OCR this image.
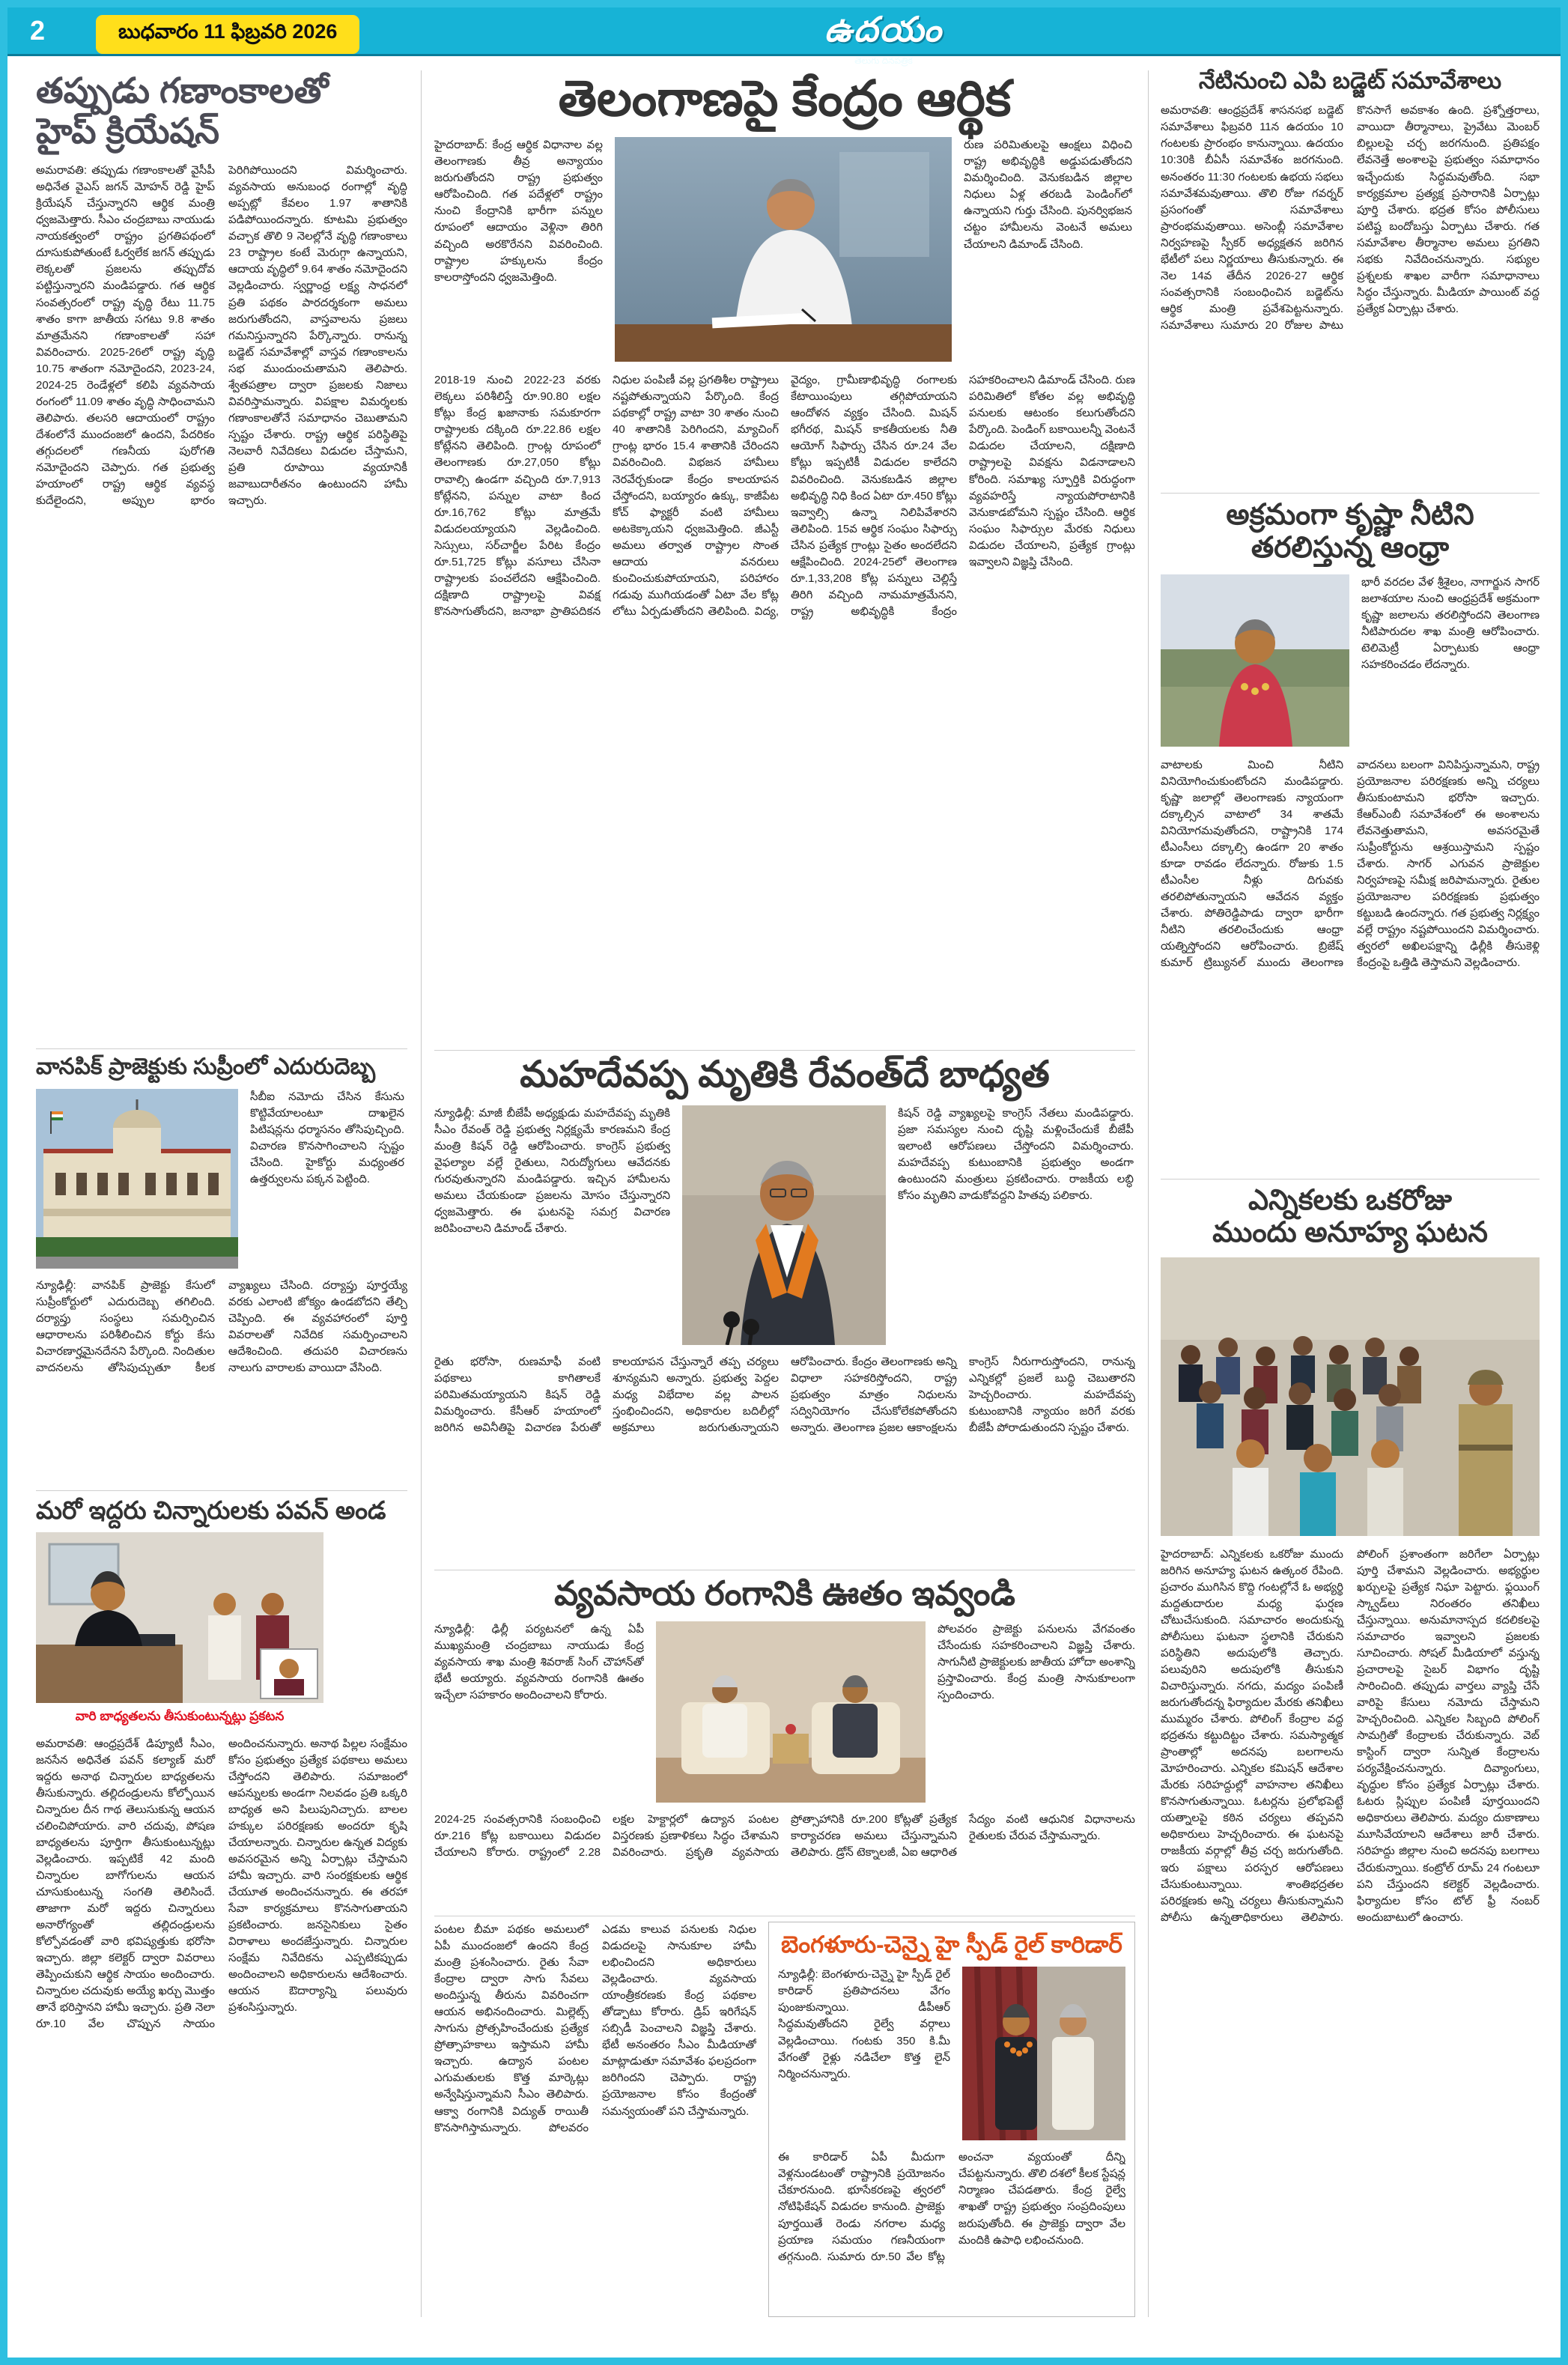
2	బుధవారం 11 ఫిబ్రవరి 2026	ఉదయం
తెలుగు దినపత్రిక
తప్పుడు గణాంకాలతో
హైప్ క్రియేషన్
అమరావతి: తప్పుడు గణాంకాలతో వైసీపీ అధినేత వైఎస్ జగన్ మోహన్ రెడ్డి హైప్ క్రియేషన్ చేస్తున్నారని ఆర్థిక మంత్రి ధ్వజమెత్తారు. సీఎం చంద్రబాబు నాయుడు నాయకత్వంలో రాష్ట్రం ప్రగతిపథంలో దూసుకుపోతుంటే ఓర్వలేక జగన్ తప్పుడు లెక్కలతో ప్రజలను తప్పుదోవ పట్టిస్తున్నారని మండిపడ్డారు. గత ఆర్థిక సంవత్సరంలో రాష్ట్ర వృద్ధి రేటు 11.75 శాతం కాగా జాతీయ సగటు 9.8 శాతం మాత్రమేనని గణాంకాలతో సహా వివరించారు. 2025-26లో రాష్ట్ర వృద్ధి 10.75 శాతంగా నమోదైందని, 2023-24, 2024-25 రెండేళ్లలో కలిపి వ్యవసాయ రంగంలో 11.09 శాతం వృద్ధి సాధించామని తెలిపారు. తలసరి ఆదాయంలో రాష్ట్రం దేశంలోనే ముందంజలో ఉందని, పేదరికం తగ్గుదలలో గణనీయ పురోగతి నమోదైందని చెప్పారు. గత ప్రభుత్వ హయాంలో రాష్ట్ర ఆర్థిక వ్యవస్థ కుదేలైందని, అప్పుల భారం పెరిగిపోయిందని విమర్శించారు. వ్యవసాయ అనుబంధ రంగాల్లో వృద్ధి అప్పట్లో కేవలం 1.97 శాతానికి పడిపోయిందన్నారు. కూటమి ప్రభుత్వం వచ్చాక తొలి 9 నెలల్లోనే వృద్ధి గణాంకాలు 23 రాష్ట్రాల కంటే మెరుగ్గా ఉన్నాయని, ఆదాయ వృద్ధిలో 9.64 శాతం నమోదైందని వెల్లడించారు. స్వర్ణాంధ్ర లక్ష్య సాధనలో ప్రతి పథకం పారదర్శకంగా అమలు జరుగుతోందని, వాస్తవాలను ప్రజలు గమనిస్తున్నారని పేర్కొన్నారు. రానున్న బడ్జెట్ సమావేశాల్లో వాస్తవ గణాంకాలను సభ ముందుంచుతామని తెలిపారు. శ్వేతపత్రాల ద్వారా ప్రజలకు నిజాలు వివరిస్తామన్నారు. విపక్షాల విమర్శలకు గణాంకాలతోనే సమాధానం చెబుతామని స్పష్టం చేశారు. రాష్ట్ర ఆర్థిక పరిస్థితిపై నెలవారీ నివేదికలు విడుదల చేస్తామని, ప్రతి రూపాయి వ్యయానికీ జవాబుదారీతనం ఉంటుందని హామీ ఇచ్చారు.
తెలంగాణపై కేంద్రం ఆర్థిక
హైదరాబాద్: కేంద్ర ఆర్థిక విధానాల వల్ల తెలంగాణకు తీవ్ర అన్యాయం జరుగుతోందని రాష్ట్ర ప్రభుత్వం ఆరోపించింది. గత పదేళ్లలో రాష్ట్రం నుంచి కేంద్రానికి భారీగా పన్నుల రూపంలో ఆదాయం వెళ్లినా తిరిగి వచ్చింది అరకొరేనని వివరించింది. రాష్ట్రాల హక్కులను కేంద్రం కాలరాస్తోందని ధ్వజమెత్తింది.
రుణ పరిమితులపై ఆంక్షలు విధించి రాష్ట్ర అభివృద్ధికి అడ్డుపడుతోందని విమర్శించింది. వెనుకబడిన జిల్లాల నిధులు ఏళ్ల తరబడి పెండింగ్‌లో ఉన్నాయని గుర్తు చేసింది. పునర్విభజన చట్టం హామీలను వెంటనే అమలు చేయాలని డిమాండ్ చేసింది.
2018-19 నుంచి 2022-23 వరకు లెక్కలు పరిశీలిస్తే రూ.90.80 లక్షల కోట్లు కేంద్ర ఖజానాకు సమకూరగా రాష్ట్రాలకు దక్కింది రూ.22.86 లక్షల కోట్లేనని తెలిపింది. గ్రాంట్ల రూపంలో తెలంగాణకు రూ.27,050 కోట్లు రావాల్సి ఉండగా వచ్చింది రూ.7,913 కోట్లేనని, పన్నుల వాటా కింద రూ.16,762 కోట్లు మాత్రమే విడుదలయ్యాయని వెల్లడించింది. సెస్సులు, సర్‌చార్జీల పేరిట కేంద్రం రూ.51,725 కోట్లు వసూలు చేసినా రాష్ట్రాలకు పంచలేదని ఆక్షేపించింది. దక్షిణాది రాష్ట్రాలపై వివక్ష కొనసాగుతోందని, జనాభా ప్రాతిపదికన నిధుల పంపిణీ వల్ల ప్రగతిశీల రాష్ట్రాలు నష్టపోతున్నాయని పేర్కొంది. కేంద్ర పథకాల్లో రాష్ట్ర వాటా 30 శాతం నుంచి 40 శాతానికి పెరిగిందని, మ్యాచింగ్ గ్రాంట్ల భారం 15.4 శాతానికి చేరిందని వివరించింది. విభజన హామీలు నెరవేర్చకుండా కేంద్రం కాలయాపన చేస్తోందని, బయ్యారం ఉక్కు, కాజీపేట కోచ్ ఫ్యాక్టరీ వంటి హామీలు అటకెక్కాయని ధ్వజమెత్తింది. జీఎస్టీ అమలు తర్వాత రాష్ట్రాల సొంత ఆదాయ వనరులు కుంచించుకుపోయాయని, పరిహారం గడువు ముగియడంతో ఏటా వేల కోట్ల లోటు ఏర్పడుతోందని తెలిపింది. విద్య, వైద్యం, గ్రామీణాభివృద్ధి రంగాలకు కేటాయింపులు తగ్గిపోయాయని ఆందోళన వ్యక్తం చేసింది. మిషన్ భగీరథ, మిషన్ కాకతీయలకు నీతి ఆయోగ్ సిఫార్సు చేసిన రూ.24 వేల కోట్లు ఇప్పటికీ విడుదల కాలేదని వివరించింది. వెనుకబడిన జిల్లాల అభివృద్ధి నిధి కింద ఏటా రూ.450 కోట్లు ఇవ్వాల్సి ఉన్నా నిలిపివేశారని తెలిపింది. 15వ ఆర్థిక సంఘం సిఫార్సు చేసిన ప్రత్యేక గ్రాంట్లు సైతం అందలేదని ఆక్షేపించింది. 2024-25లో తెలంగాణ రూ.1,33,208 కోట్ల పన్నులు చెల్లిస్తే తిరిగి వచ్చింది నామమాత్రమేనని, రాష్ట్ర అభివృద్ధికి కేంద్రం సహకరించాలని డిమాండ్ చేసింది. రుణ పరిమితిలో కోతల వల్ల అభివృద్ధి పనులకు ఆటంకం కలుగుతోందని పేర్కొంది. పెండింగ్ బకాయిలన్నీ వెంటనే విడుదల చేయాలని, దక్షిణాది రాష్ట్రాలపై వివక్షను విడనాడాలని కోరింది. సమాఖ్య స్ఫూర్తికి విరుద్ధంగా వ్యవహరిస్తే న్యాయపోరాటానికి వెనుకాడబోమని స్పష్టం చేసింది. ఆర్థిక సంఘం సిఫార్సుల మేరకు నిధులు విడుదల చేయాలని, ప్రత్యేక గ్రాంట్లు ఇవ్వాలని విజ్ఞప్తి చేసింది.
నేటినుంచి ఎపి బడ్జెట్ సమావేశాలు
అమరావతి: ఆంధ్రప్రదేశ్ శాసనసభ బడ్జెట్ సమావేశాలు ఫిబ్రవరి 11న ఉదయం 10 గంటలకు ప్రారంభం కానున్నాయి. ఉదయం 10:30కి బీఏసీ సమావేశం జరగనుంది. అనంతరం 11:30 గంటలకు ఉభయ సభలు సమావేశమవుతాయి. తొలి రోజు గవర్నర్ ప్రసంగంతో సమావేశాలు ప్రారంభమవుతాయి. అసెంబ్లీ సమావేశాల నిర్వహణపై స్పీకర్ అధ్యక్షతన జరిగిన భేటీలో పలు నిర్ణయాలు తీసుకున్నారు. ఈ నెల 14వ తేదీన 2026-27 ఆర్థిక సంవత్సరానికి సంబంధించిన బడ్జెట్‌ను ఆర్థిక మంత్రి ప్రవేశపెట్టనున్నారు. సమావేశాలు సుమారు 20 రోజుల పాటు కొనసాగే అవకాశం ఉంది. ప్రశ్నోత్తరాలు, వాయిదా తీర్మానాలు, ప్రైవేటు మెంబర్ బిల్లులపై చర్చ జరగనుంది. ప్రతిపక్షం లేవనెత్తే అంశాలపై ప్రభుత్వం సమాధానం ఇచ్చేందుకు సిద్ధమవుతోంది. సభా కార్యక్రమాల ప్రత్యక్ష ప్రసారానికి ఏర్పాట్లు పూర్తి చేశారు. భద్రత కోసం పోలీసులు పటిష్ట బందోబస్తు ఏర్పాటు చేశారు. గత సమావేశాల తీర్మానాల అమలు ప్రగతిని సభకు నివేదించనున్నారు. సభ్యుల ప్రశ్నలకు శాఖల వారీగా సమాధానాలు సిద్ధం చేస్తున్నారు. మీడియా పాయింట్ వద్ద ప్రత్యేక ఏర్పాట్లు చేశారు.
అక్రమంగా కృష్ణా నీటిని
తరలిస్తున్న ఆంధ్రా
భారీ వరదల వేళ శ్రీశైలం, నాగార్జున సాగర్ జలాశయాల నుంచి ఆంధ్రప్రదేశ్ అక్రమంగా కృష్ణా జలాలను తరలిస్తోందని తెలంగాణ నీటిపారుదల శాఖ మంత్రి ఆరోపించారు. టెలిమెట్రీ ఏర్పాటుకు ఆంధ్రా సహకరించడం లేదన్నారు.
వాటాలకు మించి నీటిని వినియోగించుకుంటోందని మండిపడ్డారు. కృష్ణా జలాల్లో తెలంగాణకు న్యాయంగా దక్కాల్సిన వాటాలో 34 శాతమే వినియోగమవుతోందని, రాష్ట్రానికి 174 టీఎంసీలు దక్కాల్సి ఉండగా 20 శాతం కూడా రావడం లేదన్నారు. రోజుకు 1.5 టీఎంసీల నీళ్లు దిగువకు తరలిపోతున్నాయని ఆవేదన వ్యక్తం చేశారు. పోతిరెడ్డిపాడు ద్వారా భారీగా నీటిని తరలించేందుకు ఆంధ్రా యత్నిస్తోందని ఆరోపించారు. బ్రిజేష్ కుమార్ ట్రిబ్యునల్ ముందు తెలంగాణ వాదనలు బలంగా వినిపిస్తున్నామని, రాష్ట్ర ప్రయోజనాల పరిరక్షణకు అన్ని చర్యలు తీసుకుంటామని భరోసా ఇచ్చారు. కేఆర్ఎంబీ సమావేశంలో ఈ అంశాలను లేవనెత్తుతామని, అవసరమైతే సుప్రీంకోర్టును ఆశ్రయిస్తామని స్పష్టం చేశారు. సాగర్ ఎగువన ప్రాజెక్టుల నిర్వహణపై సమీక్ష జరిపామన్నారు. రైతుల ప్రయోజనాల పరిరక్షణకు ప్రభుత్వం కట్టుబడి ఉందన్నారు. గత ప్రభుత్వ నిర్లక్ష్యం వల్లే రాష్ట్రం నష్టపోయిందని విమర్శించారు. త్వరలో అఖిలపక్షాన్ని ఢిల్లీకి తీసుకెళ్లి కేంద్రంపై ఒత్తిడి తెస్తామని వెల్లడించారు.
మహదేవప్ప మృతికి రేవంత్‌దే బాధ్యత
న్యూఢిల్లీ: మాజీ బీజేపీ అధ్యక్షుడు మహదేవప్ప మృతికి సీఎం రేవంత్ రెడ్డి ప్రభుత్వ నిర్లక్ష్యమే కారణమని కేంద్ర మంత్రి కిషన్ రెడ్డి ఆరోపించారు. కాంగ్రెస్ ప్రభుత్వ వైఫల్యాల వల్లే రైతులు, నిరుద్యోగులు ఆవేదనకు గురవుతున్నారని మండిపడ్డారు. ఇచ్చిన హామీలను అమలు చేయకుండా ప్రజలను మోసం చేస్తున్నారని ధ్వజమెత్తారు. ఈ ఘటనపై సమగ్ర విచారణ జరిపించాలని డిమాండ్ చేశారు.
కిషన్ రెడ్డి వ్యాఖ్యలపై కాంగ్రెస్ నేతలు మండిపడ్డారు. ప్రజా సమస్యల నుంచి దృష్టి మళ్లించేందుకే బీజేపీ ఇలాంటి ఆరోపణలు చేస్తోందని విమర్శించారు. మహదేవప్ప కుటుంబానికి ప్రభుత్వం అండగా ఉంటుందని మంత్రులు ప్రకటించారు. రాజకీయ లబ్ధి కోసం మృతిని వాడుకోవద్దని హితవు పలికారు.
రైతు భరోసా, రుణమాఫీ వంటి పథకాలు కాగితాలకే పరిమితమయ్యాయని కిషన్ రెడ్డి విమర్శించారు. కేసీఆర్ హయాంలో జరిగిన అవినీతిపై విచారణ పేరుతో కాలయాపన చేస్తున్నారే తప్ప చర్యలు శూన్యమని అన్నారు. ప్రభుత్వ పెద్దల మధ్య విభేదాల వల్ల పాలన స్తంభించిందని, అధికారుల బదిలీల్లో అక్రమాలు జరుగుతున్నాయని ఆరోపించారు. కేంద్రం తెలంగాణకు అన్ని విధాలా సహకరిస్తోందని, రాష్ట్ర ప్రభుత్వం మాత్రం నిధులను సద్వినియోగం చేసుకోలేకపోతోందని అన్నారు. తెలంగాణ ప్రజల ఆకాంక్షలను కాంగ్రెస్ నీరుగారుస్తోందని, రానున్న ఎన్నికల్లో ప్రజలే బుద్ధి చెబుతారని హెచ్చరించారు. మహదేవప్ప కుటుంబానికి న్యాయం జరిగే వరకు బీజేపీ పోరాడుతుందని స్పష్టం చేశారు.
ఎన్నికలకు ఒకరోజు
ముందు అనూహ్య ఘటన
హైదరాబాద్: ఎన్నికలకు ఒకరోజు ముందు జరిగిన అనూహ్య ఘటన ఉత్కంఠ రేపింది. ప్రచారం ముగిసిన కొద్ది గంటల్లోనే ఓ అభ్యర్థి మద్దతుదారుల మధ్య ఘర్షణ చోటుచేసుకుంది. సమాచారం అందుకున్న పోలీసులు ఘటనా స్థలానికి చేరుకుని పరిస్థితిని అదుపులోకి తెచ్చారు. పలువురిని అదుపులోకి తీసుకుని విచారిస్తున్నారు. నగదు, మద్యం పంపిణీ జరుగుతోందన్న ఫిర్యాదుల మేరకు తనిఖీలు ముమ్మరం చేశారు. పోలింగ్ కేంద్రాల వద్ద భద్రతను కట్టుదిట్టం చేశారు. సమస్యాత్మక ప్రాంతాల్లో అదనపు బలగాలను మోహరించారు. ఎన్నికల కమిషన్ ఆదేశాల మేరకు సరిహద్దుల్లో వాహనాల తనిఖీలు కొనసాగుతున్నాయి. ఓటర్లను ప్రలోభపెట్టే యత్నాలపై కఠిన చర్యలు తప్పవని అధికారులు హెచ్చరించారు. ఈ ఘటనపై రాజకీయ వర్గాల్లో తీవ్ర చర్చ జరుగుతోంది. ఇరు పక్షాలు పరస్పర ఆరోపణలు చేసుకుంటున్నాయి. శాంతిభద్రతల పరిరక్షణకు అన్ని చర్యలు తీసుకున్నామని పోలీసు ఉన్నతాధికారులు తెలిపారు. పోలింగ్ ప్రశాంతంగా జరిగేలా ఏర్పాట్లు పూర్తి చేశామని వెల్లడించారు. అభ్యర్థుల ఖర్చులపై ప్రత్యేక నిఘా పెట్టారు. ఫ్లయింగ్ స్క్వాడ్‌లు నిరంతరం తనిఖీలు చేస్తున్నాయి. అనుమానాస్పద కదలికలపై సమాచారం ఇవ్వాలని ప్రజలకు సూచించారు. సోషల్ మీడియాలో వస్తున్న ప్రచారాలపై సైబర్ విభాగం దృష్టి సారించింది. తప్పుడు వార్తలు వ్యాప్తి చేసే వారిపై కేసులు నమోదు చేస్తామని హెచ్చరించింది. ఎన్నికల సిబ్బంది పోలింగ్ సామగ్రితో కేంద్రాలకు చేరుకున్నారు. వెబ్ కాస్టింగ్ ద్వారా సున్నిత కేంద్రాలను పర్యవేక్షించనున్నారు. దివ్యాంగులు, వృద్ధుల కోసం ప్రత్యేక ఏర్పాట్లు చేశారు. ఓటరు స్లిప్పుల పంపిణీ పూర్తయిందని అధికారులు తెలిపారు. మద్యం దుకాణాలు మూసివేయాలని ఆదేశాలు జారీ చేశారు. సరిహద్దు జిల్లాల నుంచి అదనపు బలగాలు చేరుకున్నాయి. కంట్రోల్ రూమ్ 24 గంటలూ పని చేస్తుందని కలెక్టర్ వెల్లడించారు. ఫిర్యాదుల కోసం టోల్ ఫ్రీ నంబర్ అందుబాటులో ఉంచారు.
వానపిక్ ప్రాజెక్టుకు సుప్రీంలో ఎదురుదెబ్బ
సీబీఐ నమోదు చేసిన కేసును కొట్టివేయాలంటూ దాఖలైన పిటిషన్లను ధర్మాసనం తోసిపుచ్చింది. విచారణ కొనసాగించాలని స్పష్టం చేసింది. హైకోర్టు మధ్యంతర ఉత్తర్వులను పక్కన పెట్టింది.
న్యూఢిల్లీ: వానపిక్ ప్రాజెక్టు కేసులో సుప్రీంకోర్టులో ఎదురుదెబ్బ తగిలింది. దర్యాప్తు సంస్థలు సమర్పించిన ఆధారాలను పరిశీలించిన కోర్టు కేసు విచారణార్హమైనదేనని పేర్కొంది. నిందితుల వాదనలను తోసిపుచ్చుతూ కీలక వ్యాఖ్యలు చేసింది. దర్యాప్తు పూర్తయ్యే వరకు ఎలాంటి జోక్యం ఉండబోదని తేల్చి చెప్పింది. ఈ వ్యవహారంలో పూర్తి వివరాలతో నివేదిక సమర్పించాలని ఆదేశించింది. తదుపరి విచారణను నాలుగు వారాలకు వాయిదా వేసింది.
మరో ఇద్దరు చిన్నారులకు పవన్ అండ
వారి బాధ్యతలను తీసుకుంటున్నట్లు ప్రకటన
అమరావతి: ఆంధ్రప్రదేశ్ డిప్యూటీ సీఎం, జనసేన అధినేత పవన్ కల్యాణ్ మరో ఇద్దరు అనాథ చిన్నారుల బాధ్యతలను తీసుకున్నారు. తల్లిదండ్రులను కోల్పోయిన చిన్నారుల దీన గాథ తెలుసుకున్న ఆయన చలించిపోయారు. వారి చదువు, పోషణ బాధ్యతలను పూర్తిగా తీసుకుంటున్నట్లు వెల్లడించారు. ఇప్పటికే 42 మంది చిన్నారుల బాగోగులను ఆయన చూసుకుంటున్న సంగతి తెలిసిందే. తాజాగా మరో ఇద్దరు చిన్నారులు అనారోగ్యంతో తల్లిదండ్రులను కోల్పోవడంతో వారి భవిష్యత్తుకు భరోసా ఇచ్చారు. జిల్లా కలెక్టర్ ద్వారా వివరాలు తెప్పించుకుని ఆర్థిక సాయం అందించారు. చిన్నారుల చదువుకు అయ్యే ఖర్చు మొత్తం తానే భరిస్తానని హామీ ఇచ్చారు. ప్రతి నెలా రూ.10 వేల చొప్పున సాయం అందించనున్నారు. అనాథ పిల్లల సంక్షేమం కోసం ప్రభుత్వం ప్రత్యేక పథకాలు అమలు చేస్తోందని తెలిపారు. సమాజంలో ఆపన్నులకు అండగా నిలవడం ప్రతి ఒక్కరి బాధ్యత అని పిలుపునిచ్చారు. బాలల హక్కుల పరిరక్షణకు అందరూ కృషి చేయాలన్నారు. చిన్నారుల ఉన్నత విద్యకు అవసరమైన అన్ని ఏర్పాట్లు చేస్తామని హామీ ఇచ్చారు. వారి సంరక్షకులకు ఆర్థిక చేయూత అందించనున్నారు. ఈ తరహా సేవా కార్యక్రమాలు కొనసాగుతాయని ప్రకటించారు. జనసైనికులు సైతం విరాళాలు అందజేస్తున్నారు. చిన్నారుల సంక్షేమ నివేదికను ఎప్పటికప్పుడు అందించాలని అధికారులను ఆదేశించారు. ఆయన ఔదార్యాన్ని పలువురు ప్రశంసిస్తున్నారు.
వ్యవసాయ రంగానికి ఊతం ఇవ్వండి
న్యూఢిల్లీ: ఢిల్లీ పర్యటనలో ఉన్న ఏపీ ముఖ్యమంత్రి చంద్రబాబు నాయుడు కేంద్ర వ్యవసాయ శాఖ మంత్రి శివరాజ్ సింగ్ చౌహాన్‌తో భేటీ అయ్యారు. వ్యవసాయ రంగానికి ఊతం ఇచ్చేలా సహకారం అందించాలని కోరారు.
పోలవరం ప్రాజెక్టు పనులను వేగవంతం చేసేందుకు సహకరించాలని విజ్ఞప్తి చేశారు. సాగునీటి ప్రాజెక్టులకు జాతీయ హోదా అంశాన్ని ప్రస్తావించారు. కేంద్ర మంత్రి సానుకూలంగా స్పందించారు.
2024-25 సంవత్సరానికి సంబంధించి రూ.216 కోట్ల బకాయిలు విడుదల చేయాలని కోరారు. రాష్ట్రంలో 2.28 లక్షల హెక్టార్లలో ఉద్యాన పంటల విస్తరణకు ప్రణాళికలు సిద్ధం చేశామని వివరించారు. ప్రకృతి వ్యవసాయ ప్రోత్సాహానికి రూ.200 కోట్లతో ప్రత్యేక కార్యాచరణ అమలు చేస్తున్నామని తెలిపారు. డ్రోన్ టెక్నాలజీ, ఏఐ ఆధారిత సేద్యం వంటి ఆధునిక విధానాలను రైతులకు చేరువ చేస్తామన్నారు.
పంటల బీమా పథకం అమలులో ఏపీ ముందంజలో ఉందని కేంద్ర మంత్రి ప్రశంసించారు. రైతు సేవా కేంద్రాల ద్వారా సాగు సేవలు అందిస్తున్న తీరును వివరించగా ఆయన అభినందించారు. మిల్లెట్స్ సాగును ప్రోత్సహించేందుకు ప్రత్యేక ప్రోత్సాహకాలు ఇస్తామని హామీ ఇచ్చారు. ఉద్యాన పంటల ఎగుమతులకు కొత్త మార్కెట్లు అన్వేషిస్తున్నామని సీఎం తెలిపారు. ఆక్వా రంగానికి విద్యుత్ రాయితీ కొనసాగిస్తామన్నారు. పోలవరం ఎడమ కాలువ పనులకు నిధుల విడుదలపై సానుకూల హామీ లభించిందని అధికారులు వెల్లడించారు. వ్యవసాయ యాంత్రీకరణకు కేంద్ర పథకాల తోడ్పాటు కోరారు. డ్రిప్ ఇరిగేషన్ సబ్సిడీ పెంచాలని విజ్ఞప్తి చేశారు. భేటీ అనంతరం సీఎం మీడియాతో మాట్లాడుతూ సమావేశం ఫలప్రదంగా జరిగిందని చెప్పారు. రాష్ట్ర ప్రయోజనాల కోసం కేంద్రంతో సమన్వయంతో పని చేస్తామన్నారు.
బెంగళూరు-చెన్నై హై స్పీడ్ రైల్ కారిడార్
న్యూఢిల్లీ: బెంగళూరు-చెన్నై హై స్పీడ్ రైల్ కారిడార్ ప్రతిపాదనలు వేగం పుంజుకున్నాయి. డీపీఆర్ సిద్ధమవుతోందని రైల్వే వర్గాలు వెల్లడించాయి. గంటకు 350 కి.మీ వేగంతో రైళ్లు నడిచేలా కొత్త లైన్ నిర్మించనున్నారు.
ఈ కారిడార్ ఏపీ మీదుగా వెళ్లనుండటంతో రాష్ట్రానికి ప్రయోజనం చేకూరనుంది. భూసేకరణపై త్వరలో నోటిఫికేషన్ విడుదల కానుంది. ప్రాజెక్టు పూర్తయితే రెండు నగరాల మధ్య ప్రయాణ సమయం గణనీయంగా తగ్గనుంది. సుమారు రూ.50 వేల కోట్ల అంచనా వ్యయంతో దీన్ని చేపట్టనున్నారు. తొలి దశలో కీలక స్టేషన్ల నిర్మాణం చేపడతారు. కేంద్ర రైల్వే శాఖతో రాష్ట్ర ప్రభుత్వం సంప్రదింపులు జరుపుతోంది. ఈ ప్రాజెక్టు ద్వారా వేల మందికి ఉపాధి లభించనుంది.
